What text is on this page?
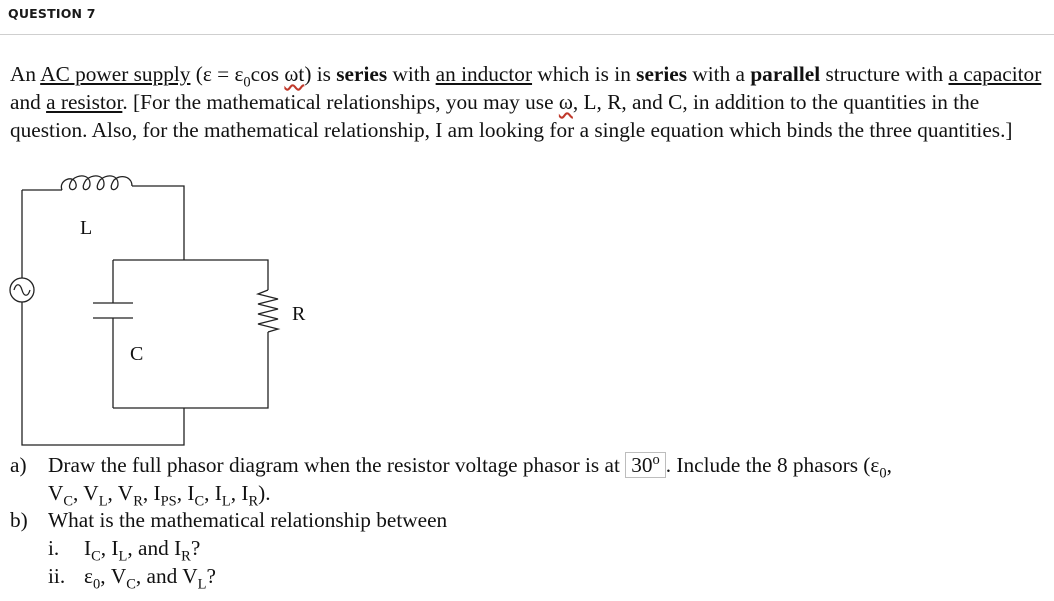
QUESTION 7

An AC power supply ($\varepsilon = \varepsilon_0\cos$ ωt) is series with an inductor which is in series with a parallel structure with a capacitor and a resistor. [For the mathematical relationships, you may use ω, L, R, and C, in addition to the quantities in the question. Also, for the mathematical relationship, I am looking for a single equation which binds the three quantities.]

L
C
R
a) Draw the full phasor diagram when the resistor voltage phasor is at 30$^o$ . Include the 8 phasors ($\varepsilon_0$,
$V_C$, $V_L$, $V_R$, $I_{PS}$, $I_C$, $I_L$, $I_R$).
b) What is the mathematical relationship between
i. $I_C$, $I_L$, and $I_R$?
ii. $\varepsilon_0$, $V_C$, and $V_L$?
